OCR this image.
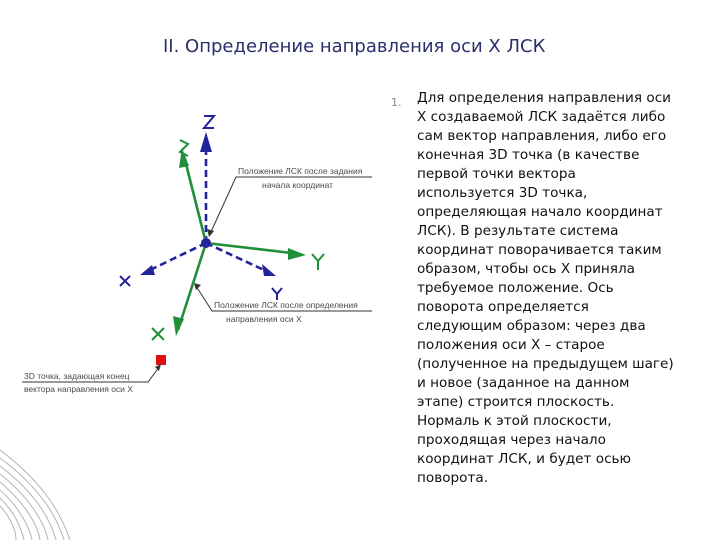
II. Определение направления оси X ЛСК
Положение ЛСК после задания
начала координат
Положение ЛСК после определения
направления оси X
3D точка, задающая конец
вектора направления оси X
1. Для определения направления оси
X создаваемой ЛСК задаётся либо
сам вектор направления, либо его
конечная 3D точка (в качестве
первой точки вектора
используется 3D точка,
определяющая начало координат
ЛСК). В результате система
координат поворачивается таким
образом, чтобы ось X приняла
требуемое положение. Ось
поворота определяется
следующим образом: через два
положения оси X – старое
(полученное на предыдущем шаге)
и новое (заданное на данном
этапе) строится плоскость.
Нормаль к этой плоскости,
проходящая через начало
координат ЛСК, и будет осью
поворота.
